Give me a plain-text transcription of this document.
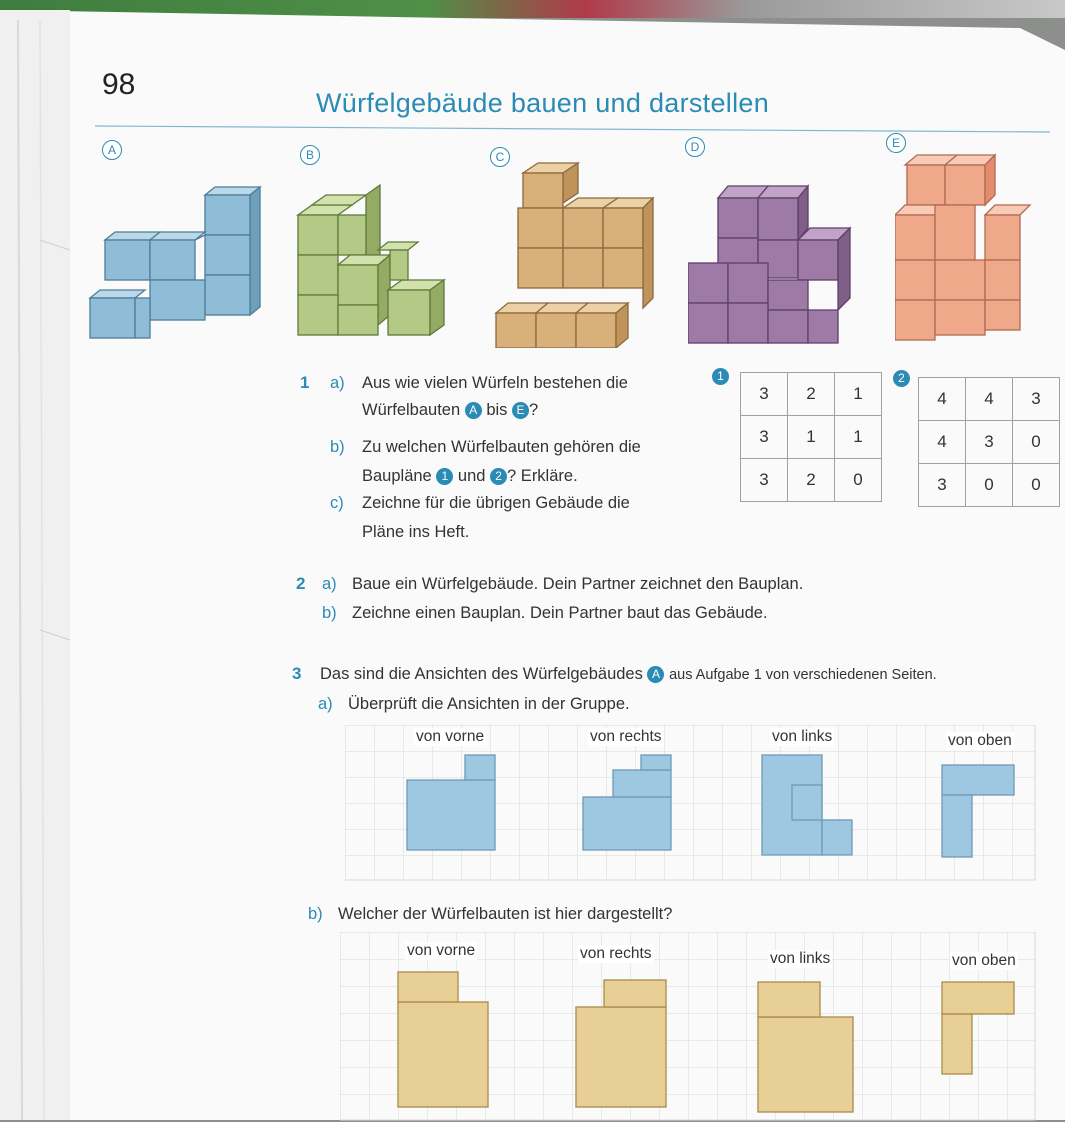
98
Würfelgebäude bauen und darstellen
A	B	C
D	E
1 a) Aus wie vielen Würfeln bestehen die
Würfelbauten A bis E ?
b) Zu welchen Würfelbauten gehören die
Baupläne 1 und 2 ? Erkläre.
c) Zeichne für die übrigen Gebäude die
Pläne ins Heft.
1
3	2	1
3	1	1
3	2	0
2
4	4	3
4	3	0
3	0	0
2 a) Baue ein Würfelgebäude. Dein Partner zeichnet den Bauplan.
b) Zeichne einen Bauplan. Dein Partner baut das Gebäude.
3 Das sind die Ansichten des Würfelgebäudes A aus Aufgabe 1 von verschiedenen Seiten.
a) Überprüft die Ansichten in der Gruppe.
von vorne	von rechts	von links	von oben
b) Welcher der Würfelbauten ist hier dargestellt?
von vorne	von rechts	von links	von oben
